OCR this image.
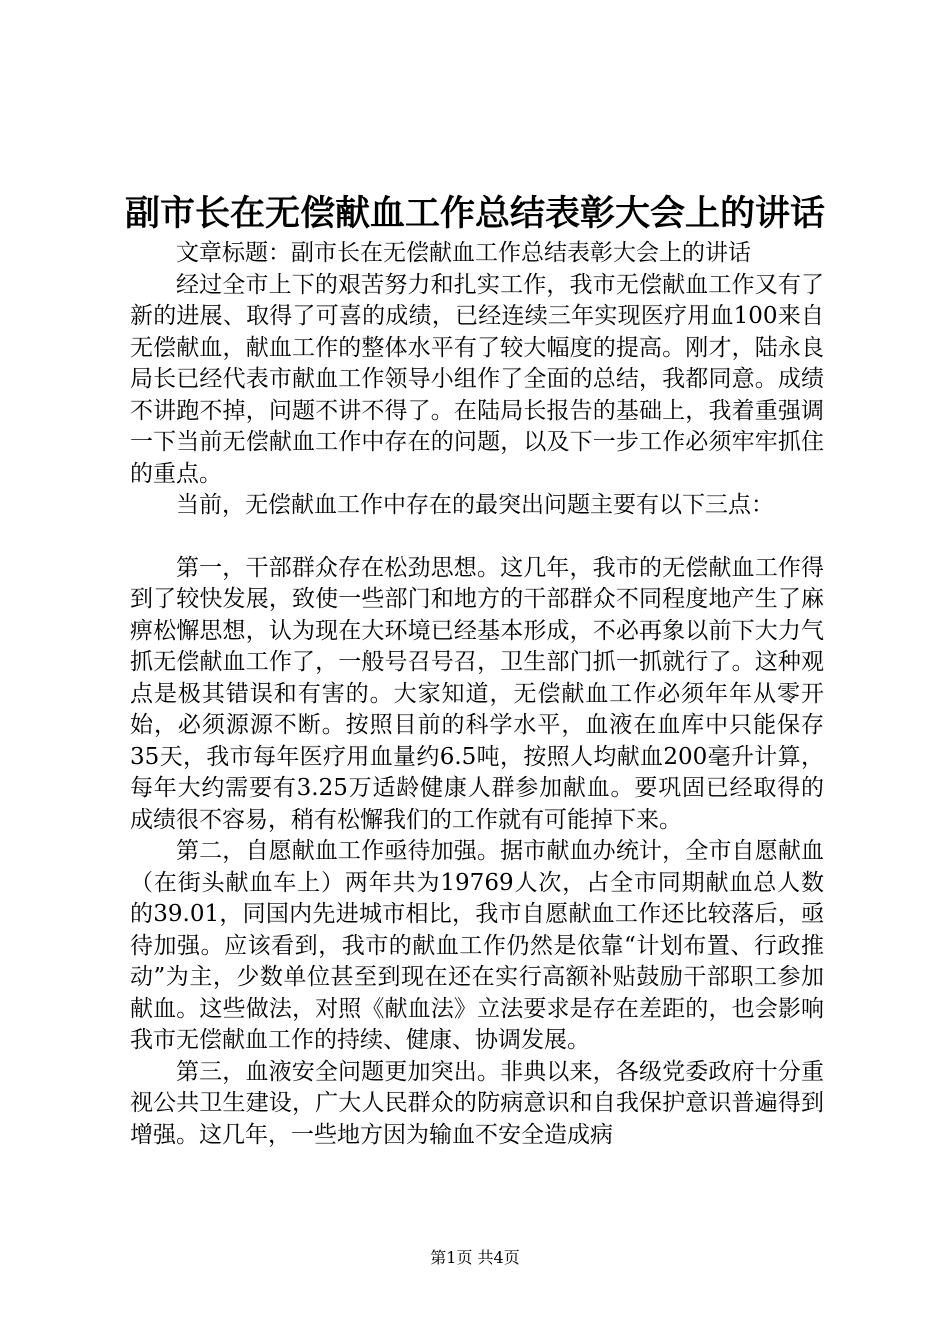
副市长在无偿献血工作总结表彰大会上的讲话

文章标题：副市长在无偿献血工作总结表彰大会上的讲话

经过全市上下的艰苦努力和扎实工作，我市无偿献血工作又有了新的进展、取得了可喜的成绩，已经连续三年实现医疗用血100来自无偿献血，献血工作的整体水平有了较大幅度的提高。刚才，陆永良局长已经代表市献血工作领导小组作了全面的总结，我都同意。成绩不讲跑不掉，问题不讲不得了。在陆局长报告的基础上，我着重强调一下当前无偿献血工作中存在的问题，以及下一步工作必须牢牢抓住的重点。

当前，无偿献血工作中存在的最突出问题主要有以下三点：

第一，干部群众存在松劲思想。这几年，我市的无偿献血工作得到了较快发展，致使一些部门和地方的干部群众不同程度地产生了麻痹松懈思想，认为现在大环境已经基本形成，不必再象以前下大力气抓无偿献血工作了，一般号召号召，卫生部门抓一抓就行了。这种观点是极其错误和有害的。大家知道，无偿献血工作必须年年从零开始，必须源源不断。按照目前的科学水平，血液在血库中只能保存35天，我市每年医疗用血量约6.5吨，按照人均献血200毫升计算，每年大约需要有3.25万适龄健康人群参加献血。要巩固已经取得的成绩很不容易，稍有松懈我们的工作就有可能掉下来。

第二，自愿献血工作亟待加强。据市献血办统计，全市自愿献血（在街头献血车上）两年共为19769人次，占全市同期献血总人数的39.01，同国内先进城市相比，我市自愿献血工作还比较落后，亟待加强。应该看到，我市的献血工作仍然是依靠“计划布置、行政推动”为主，少数单位甚至到现在还在实行高额补贴鼓励干部职工参加献血。这些做法，对照《献血法》立法要求是存在差距的，也会影响我市无偿献血工作的持续、健康、协调发展。

第三，血液安全问题更加突出。非典以来，各级党委政府十分重视公共卫生建设，广大人民群众的防病意识和自我保护意识普遍得到增强。这几年，一些地方因为输血不安全造成病

第1页 共4页
